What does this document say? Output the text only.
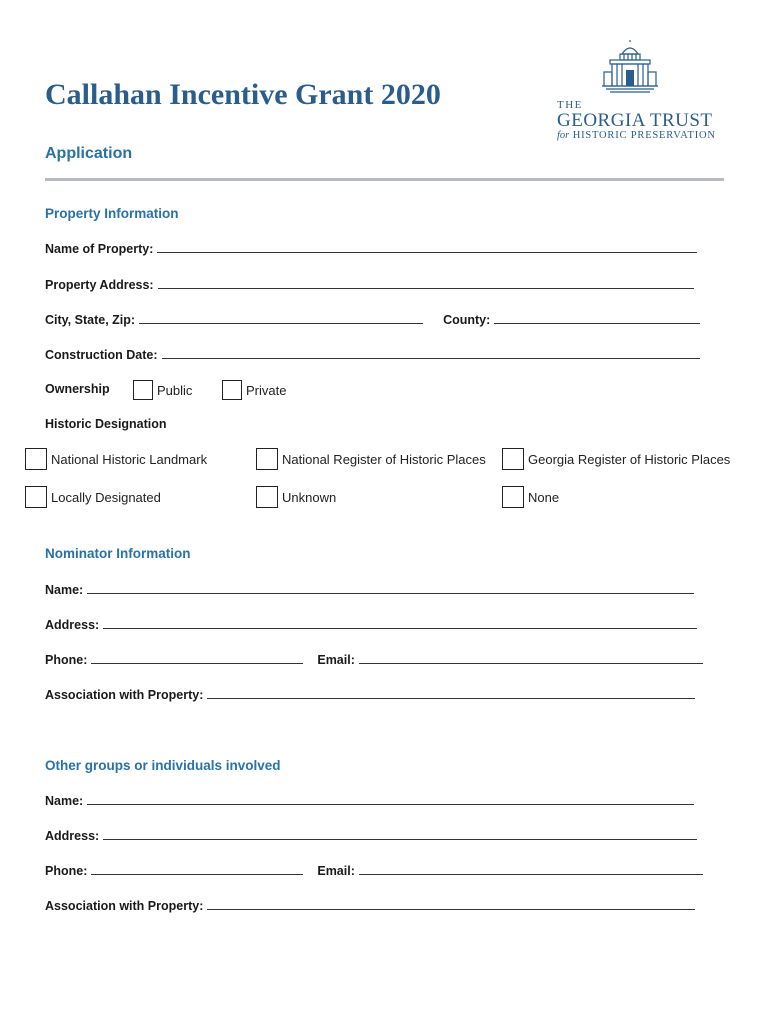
Callahan Incentive Grant 2020
Application
THE
GEORGIA TRUST
for HISTORIC PRESERVATION
Property Information
Name of Property:
Property Address:
City, State, Zip:	County:
Construction Date:
Ownership	Public	Private
Historic Designation
National Historic Landmark	National Register of Historic Places	Georgia Register of Historic Places
Locally Designated	Unknown	None
Nominator Information
Name:
Address:
Phone:	Email:
Association with Property:
Other groups or individuals involved
Name:
Address:
Phone:	Email:
Association with Property:
